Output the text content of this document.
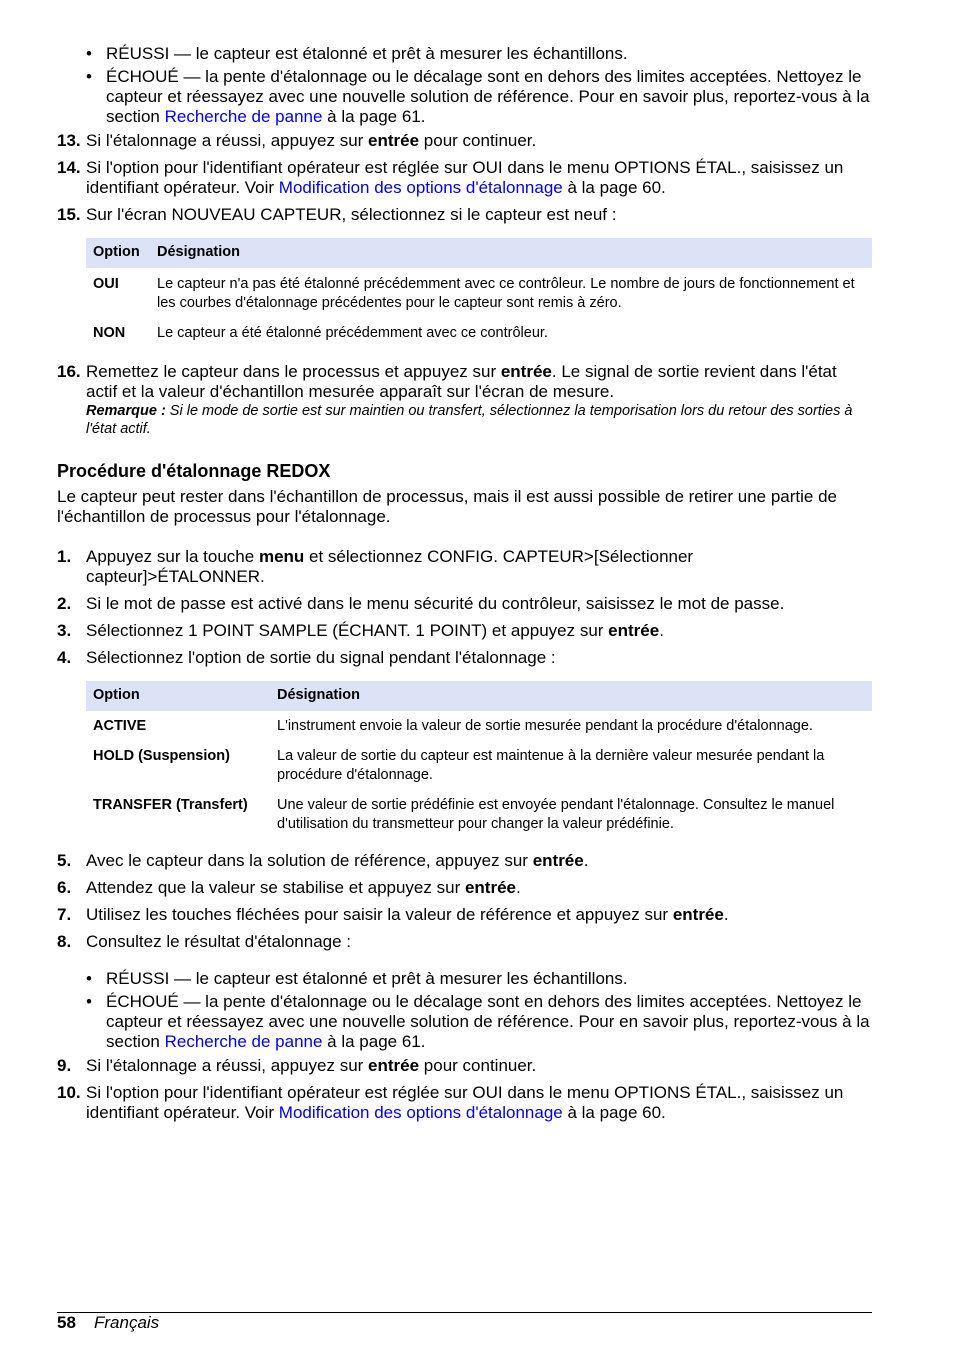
• RÉUSSI — le capteur est étalonné et prêt à mesurer les échantillons.
• ÉCHOUÉ — la pente d'étalonnage ou le décalage sont en dehors des limites acceptées. Nettoyez le capteur et réessayez avec une nouvelle solution de référence. Pour en savoir plus, reportez-vous à la section Recherche de panne à la page 61.
13. Si l'étalonnage a réussi, appuyez sur entrée pour continuer.
14. Si l'option pour l'identifiant opérateur est réglée sur OUI dans le menu OPTIONS ÉTAL., saisissez un identifiant opérateur. Voir Modification des options d'étalonnage à la page 60.
15. Sur l'écran NOUVEAU CAPTEUR, sélectionnez si le capteur est neuf :
Option	Désignation
OUI	Le capteur n'a pas été étalonné précédemment avec ce contrôleur. Le nombre de jours de fonctionnement et les courbes d'étalonnage précédentes pour le capteur sont remis à zéro.
NON	Le capteur a été étalonné précédemment avec ce contrôleur.
16. Remettez le capteur dans le processus et appuyez sur entrée. Le signal de sortie revient dans l'état actif et la valeur d'échantillon mesurée apparaît sur l'écran de mesure.

Remarque : Si le mode de sortie est sur maintien ou transfert, sélectionnez la temporisation lors du retour des sorties à l'état actif.

Procédure d'étalonnage REDOX

Le capteur peut rester dans l'échantillon de processus, mais il est aussi possible de retirer une partie de l'échantillon de processus pour l'étalonnage.

1. Appuyez sur la touche menu et sélectionnez CONFIG. CAPTEUR>[Sélectionner capteur]>ÉTALONNER.
2. Si le mot de passe est activé dans le menu sécurité du contrôleur, saisissez le mot de passe.
3. Sélectionnez 1 POINT SAMPLE (ÉCHANT. 1 POINT) et appuyez sur entrée.
4. Sélectionnez l'option de sortie du signal pendant l'étalonnage :
Option	Désignation
ACTIVE	L'instrument envoie la valeur de sortie mesurée pendant la procédure d'étalonnage.
HOLD (Suspension)	La valeur de sortie du capteur est maintenue à la dernière valeur mesurée pendant la procédure d'étalonnage.
TRANSFER (Transfert)	Une valeur de sortie prédéfinie est envoyée pendant l'étalonnage. Consultez le manuel d'utilisation du transmetteur pour changer la valeur prédéfinie.
5. Avec le capteur dans la solution de référence, appuyez sur entrée.
6. Attendez que la valeur se stabilise et appuyez sur entrée.
7. Utilisez les touches fléchées pour saisir la valeur de référence et appuyez sur entrée.
8. Consultez le résultat d'étalonnage :
• RÉUSSI — le capteur est étalonné et prêt à mesurer les échantillons.
• ÉCHOUÉ — la pente d'étalonnage ou le décalage sont en dehors des limites acceptées. Nettoyez le capteur et réessayez avec une nouvelle solution de référence. Pour en savoir plus, reportez-vous à la section Recherche de panne à la page 61.
9. Si l'étalonnage a réussi, appuyez sur entrée pour continuer.
10. Si l'option pour l'identifiant opérateur est réglée sur OUI dans le menu OPTIONS ÉTAL., saisissez un identifiant opérateur. Voir Modification des options d'étalonnage à la page 60.
58 Français
